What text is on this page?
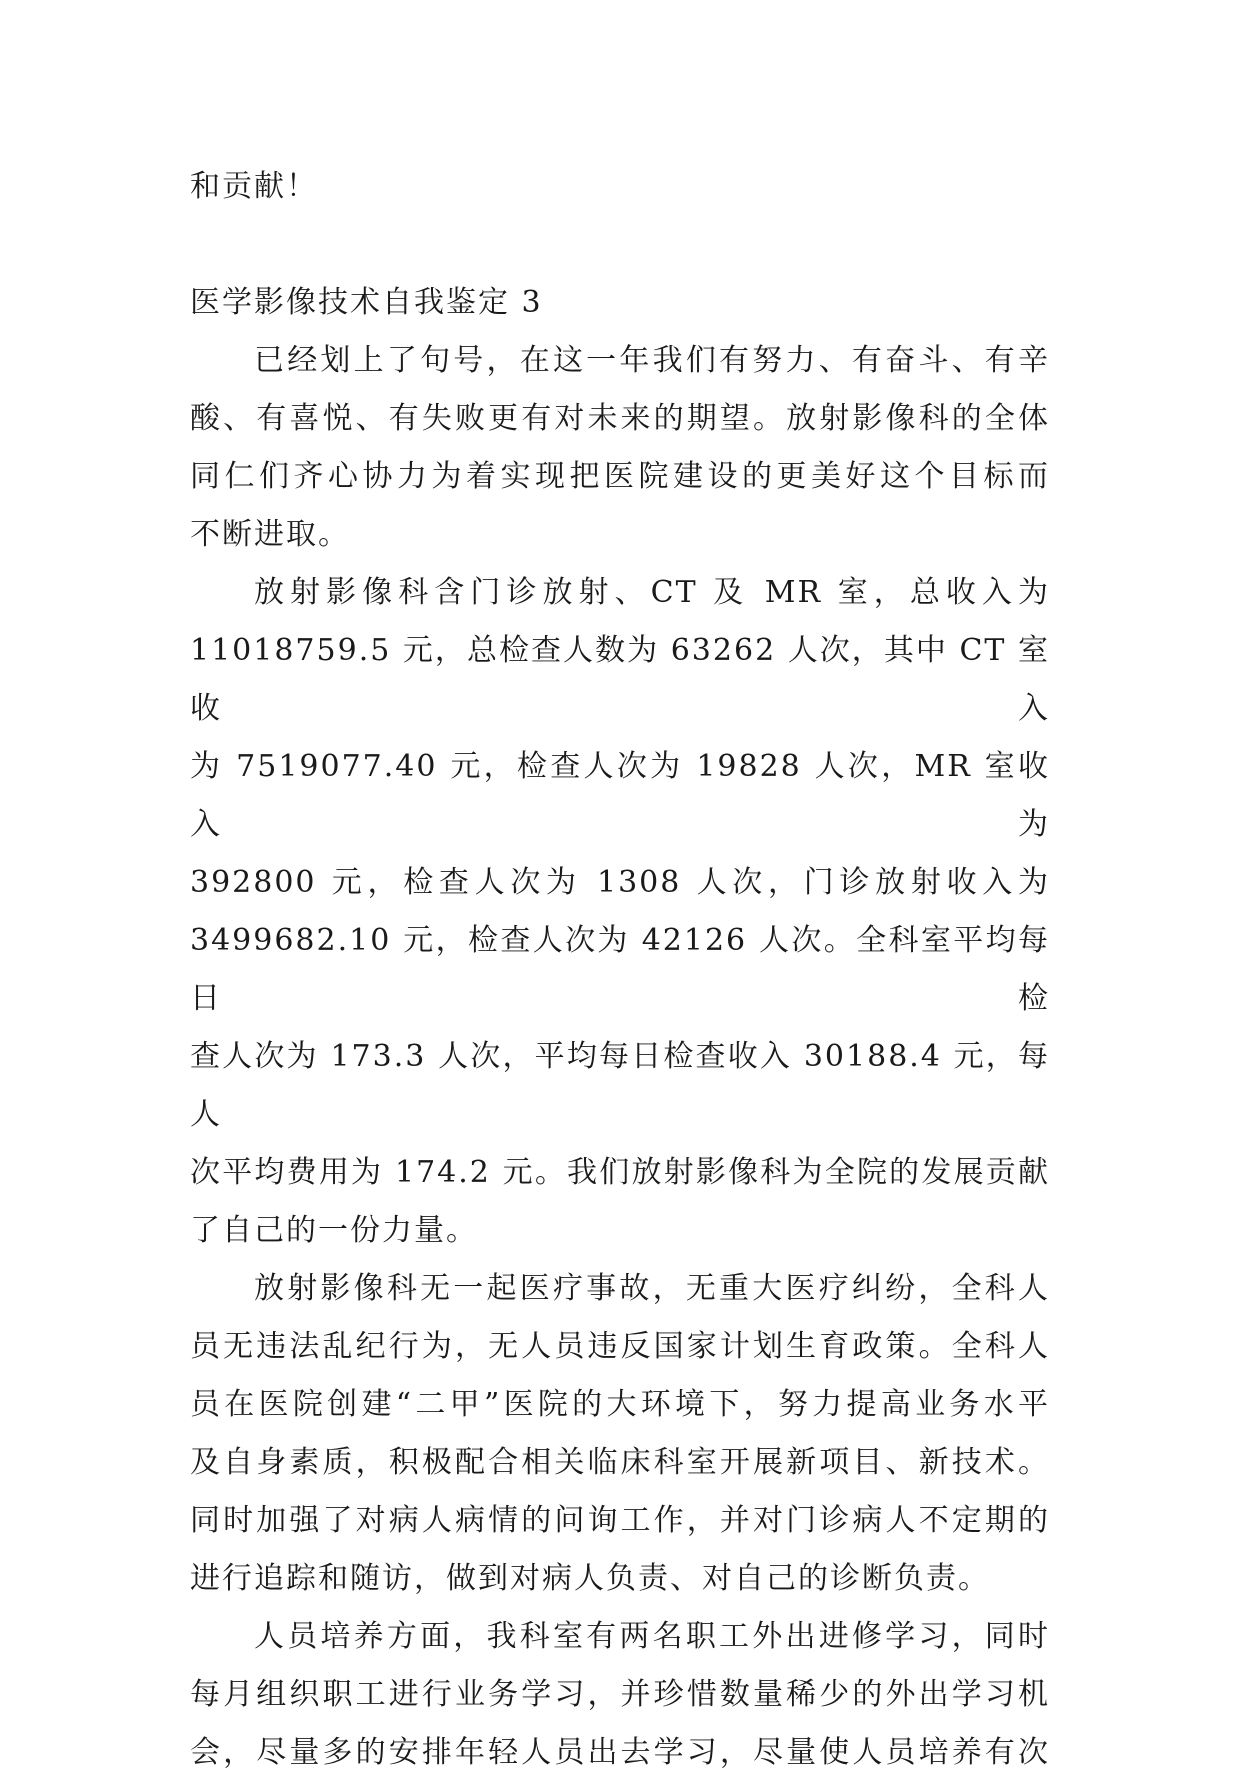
和贡献！
医学影像技术自我鉴定 3
已经划上了句号，在这一年我们有努力、有奋斗、有辛
酸、有喜悦、有失败更有对未来的期望。放射影像科的全体
同仁们齐心协力为着实现把医院建设的更美好这个目标而
不断进取。
放射影像科含门诊放射、CT 及 MR 室，总收入为
11018759.5 元，总检查人数为 63262 人次，其中 CT 室收入
为 7519077.40 元，检查人次为 19828 人次，MR 室收入为
392800 元，检查人次为 1308 人次，门诊放射收入为
3499682.10 元，检查人次为 42126 人次。全科室平均每日检
查人次为 173.3 人次，平均每日检查收入 30188.4 元，每人
次平均费用为 174.2 元。我们放射影像科为全院的发展贡献
了自己的一份力量。
放射影像科无一起医疗事故，无重大医疗纠纷，全科人
员无违法乱纪行为，无人员违反国家计划生育政策。全科人
员在医院创建“二甲”医院的大环境下，努力提高业务水平
及自身素质，积极配合相关临床科室开展新项目、新技术。
同时加强了对病人病情的问询工作，并对门诊病人不定期的
进行追踪和随访，做到对病人负责、对自己的诊断负责。
人员培养方面，我科室有两名职工外出进修学习，同时
每月组织职工进行业务学习，并珍惜数量稀少的外出学习机
会，尽量多的安排年轻人员出去学习，尽量使人员培养有次
